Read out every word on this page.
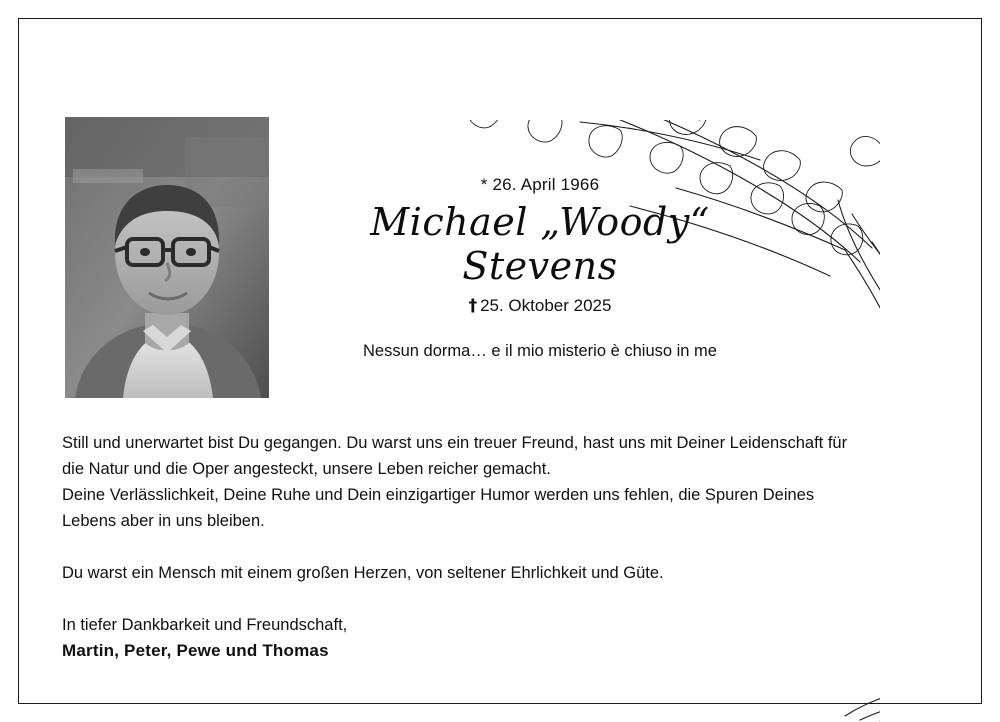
* 26. April 1966
Michael „Woody“ Stevens
† 25. Oktober 2025
Nessun dorma… e il mio misterio è chiuso in me

Still und unerwartet bist Du gegangen. Du warst uns ein treuer Freund, hast uns mit Deiner Leidenschaft für die Natur und die Oper angesteckt, unsere Leben reicher gemacht.

Deine Verlässlichkeit, Deine Ruhe und Dein einzigartiger Humor werden uns fehlen, die Spuren Deines Lebens aber in uns bleiben.

Du warst ein Mensch mit einem großen Herzen, von seltener Ehrlichkeit und Güte.

In tiefer Dankbarkeit und Freundschaft,

Martin, Peter, Pewe und Thomas
